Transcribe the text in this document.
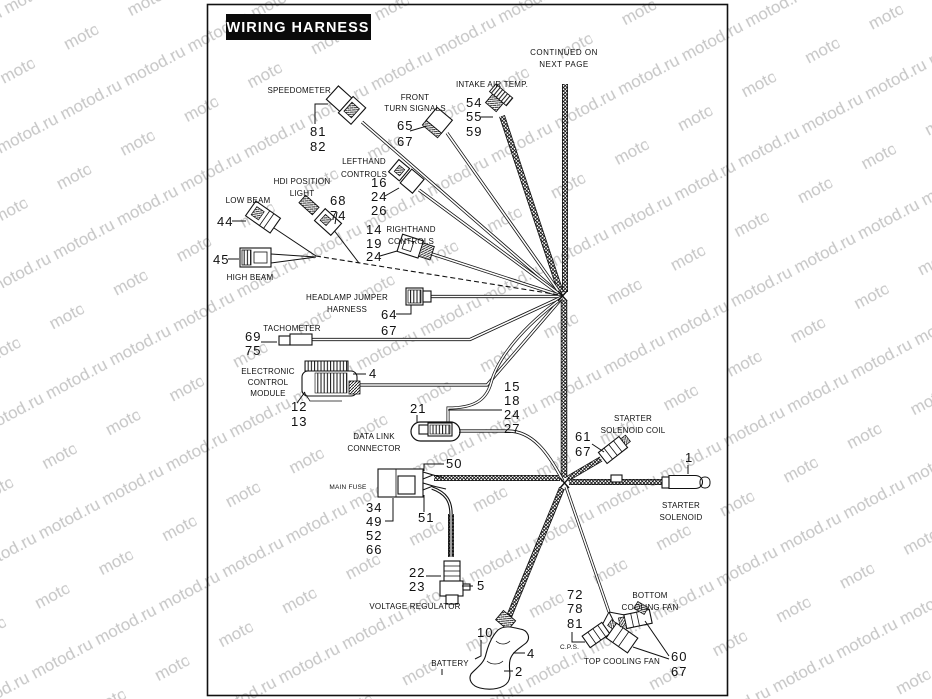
WIRING HARNESS
CONTINUED ON
NEXT PAGE
SPEEDOMETER
81
82
FRONT
TURN SIGNALS
65
67
INTAKE AIR TEMP.
54
55
59
LEFTHAND
CONTROLS
16
24
26
HDI POSITION
LIGHT 68
74
LOW BEAM
44
HIGH BEAM
45
RIGHTHAND
CONTROLS
14
19
24
HEADLAMP JUMPER
HARNESS 64
67
TACHOMETER
69
75
ELECTRONIC
CONTROL
MODULE
4
12
13
15
18
24
27
21
DATA LINK
CONNECTOR
50
MAIN FUSE
51
34
49
52
66
61
67
STARTER
SOLENOID COIL
1
STARTER
SOLENOID
22
23	5
VOLTAGE REGULATOR
10
4
2
BATTERY
72
78
81
C.P.S.
TOP COOLING FAN
BOTTOM
COOLING FAN
60
67
